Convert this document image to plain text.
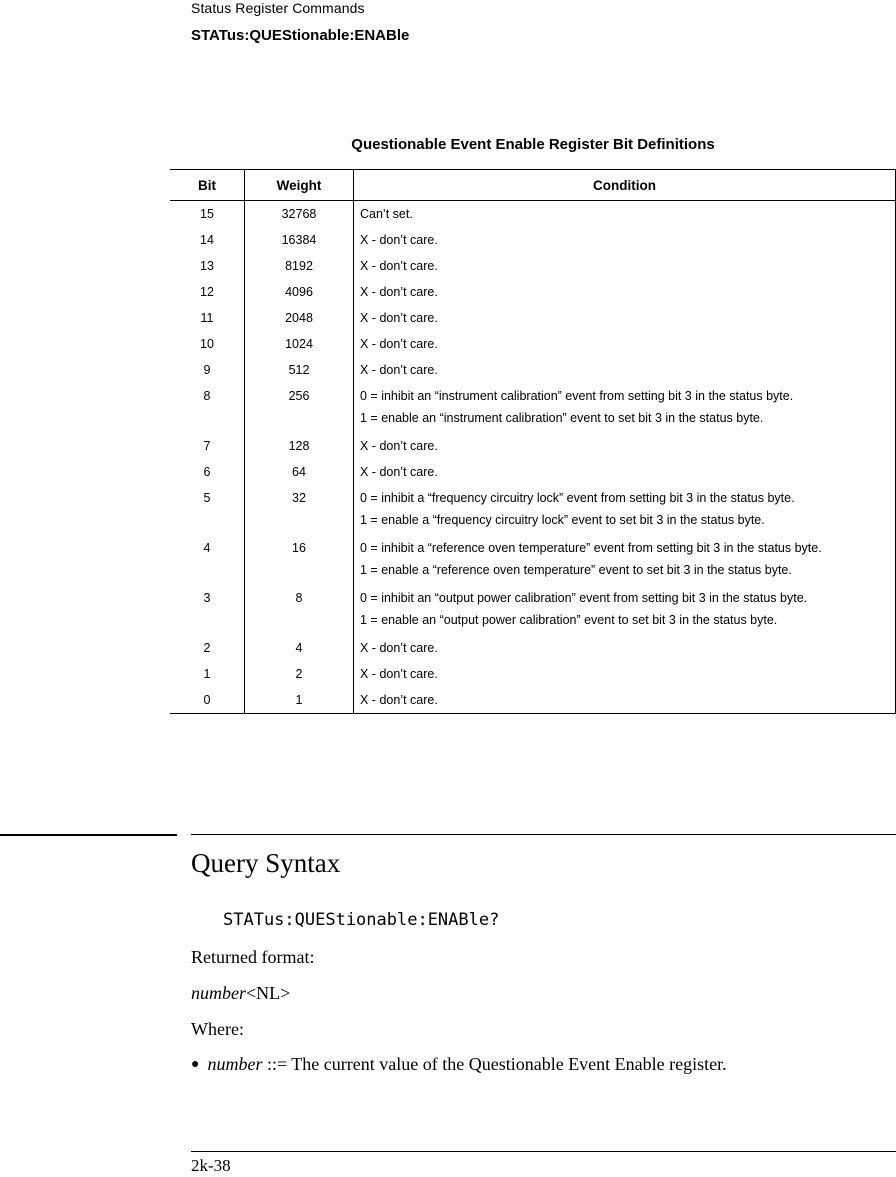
Status Register Commands
STATus:QUEStionable:ENABle
Questionable Event Enable Register Bit Definitions
Bit	Weight	Condition
15	32768	Can’t set.

14	16384	X - don’t care.

13	8192	X - don’t care.

12	4096	X - don’t care.

11	2048	X - don’t care.

10	1024	X - don’t care.

9	512	X - don’t care.

8	256	0 = inhibit an “instrument calibration” event from setting bit 3 in the status byte.
1 = enable an “instrument calibration” event to set bit 3 in the status byte.

7	128	X - don’t care.

6	64	X - don’t care.

5	32	0 = inhibit a “frequency circuitry lock” event from setting bit 3 in the status byte.
1 = enable a “frequency circuitry lock” event to set bit 3 in the status byte.

4	16	0 = inhibit a “reference oven temperature” event from setting bit 3 in the status byte.
1 = enable a “reference oven temperature” event to set bit 3 in the status byte.

3	8	0 = inhibit an “output power calibration” event from setting bit 3 in the status byte.
1 = enable an “output power calibration” event to set bit 3 in the status byte.

2	4	X - don’t care.

1	2	X - don’t care.

0	1	X - don’t care.
Query Syntax
STATus:QUEStionable:ENABle?
Returned format:
number<NL>
Where:
● number ::= The current value of the Questionable Event Enable register.
2k-38
